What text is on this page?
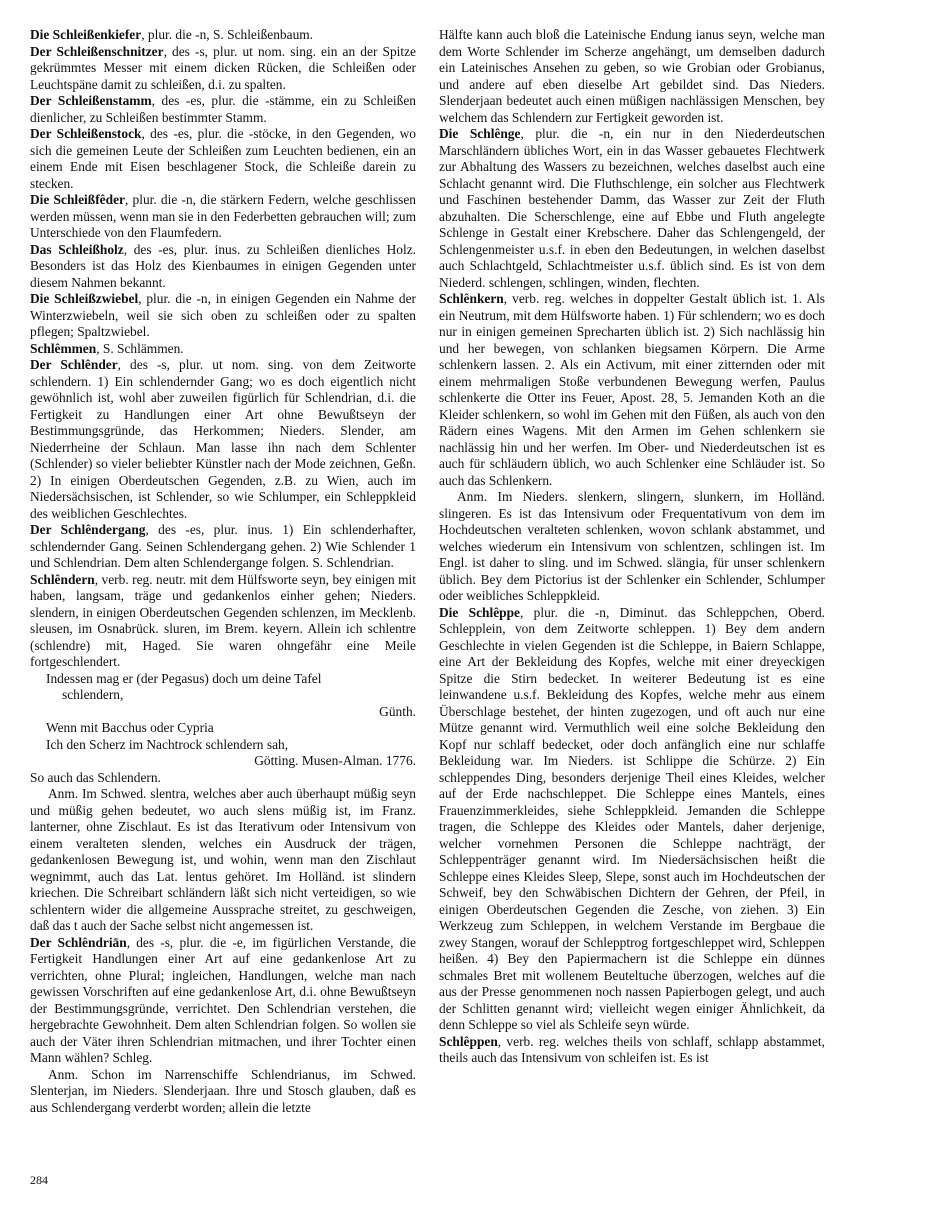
Die Schleißenkiefer, plur. die -n, S. Schleißenbaum.

Der Schleißenschnitzer, des -s, plur. ut nom. sing. ein an der Spitze gekrümmtes Messer mit einem dicken Rücken, die Schleißen oder Leuchtspäne damit zu schleißen, d.i. zu spalten.

Der Schleißenstamm, des -es, plur. die -stämme, ein zu Schleißen dienlicher, zu Schleißen bestimmter Stamm.

Der Schleißenstock, des -es, plur. die -stöcke, in den Gegenden, wo sich die gemeinen Leute der Schleißen zum Leuchten bedienen, ein an einem Ende mit Eisen beschlagener Stock, die Schleiße darein zu stecken.

Die Schleißfêder, plur. die -n, die stärkern Federn, welche geschlissen werden müssen, wenn man sie in den Federbetten gebrauchen will; zum Unterschiede von den Flaumfedern.

Das Schleißholz, des -es, plur. inus. zu Schleißen dienliches Holz. Besonders ist das Holz des Kienbaumes in einigen Gegenden unter diesem Nahmen bekannt.

Die Schleißzwiebel, plur. die -n, in einigen Gegenden ein Nahme der Winterzwiebeln, weil sie sich oben zu schleißen oder zu spalten pflegen; Spaltzwiebel.

Schlêmmen, S. Schlämmen.

Der Schlênder, des -s, plur. ut nom. sing. von dem Zeitworte schlendern. 1) Ein schlendernder Gang; wo es doch eigentlich nicht gewöhnlich ist, wohl aber zuweilen figürlich für Schlendrian, d.i. die Fertigkeit zu Handlungen einer Art ohne Bewußtseyn der Bestimmungsgründe, das Herkommen; Nieders. Slender, am Niederrheine der Schlaun. Man lasse ihn nach dem Schlenter (Schlender) so vieler beliebter Künstler nach der Mode zeichnen, Geßn. 2) In einigen Oberdeutschen Gegenden, z.B. zu Wien, auch im Niedersächsischen, ist Schlender, so wie Schlumper, ein Schleppkleid des weiblichen Geschlechtes.

Der Schlêndergang, des -es, plur. inus. 1) Ein schlenderhafter, schlendernder Gang. Seinen Schlendergang gehen. 2) Wie Schlender 1 und Schlendrian. Dem alten Schlendergange folgen. S. Schlendrian.

Schlêndern, verb. reg. neutr. mit dem Hülfsworte seyn, bey einigen mit haben, langsam, träge und gedankenlos einher gehen; Nieders. slendern, in einigen Oberdeutschen Gegenden schlenzen, im Mecklenb. sleusen, im Osnabrück. sluren, im Brem. keyern. Allein ich schlentre (schlendre) mit, Haged. Sie waren ohngefähr eine Meile fortgeschlendert.

Indessen mag er (der Pegasus) doch um deine Tafel
schlendern,
Günth.
Wenn mit Bacchus oder Cypria
Ich den Scherz im Nachtrock schlendern sah,
Götting. Musen-Alman. 1776.

So auch das Schlendern.

Anm. Im Schwed. slentra, welches aber auch überhaupt müßig seyn und müßig gehen bedeutet, wo auch slens müßig ist, im Franz. lanterner, ohne Zischlaut. Es ist das Iterativum oder Intensivum von einem veralteten slenden, welches ein Ausdruck der trägen, gedankenlosen Bewegung ist, und wohin, wenn man den Zischlaut wegnimmt, auch das Lat. lentus gehöret. Im Holländ. ist slindern kriechen. Die Schreibart schländern läßt sich nicht verteidigen, so wie schlentern wider die allgemeine Aussprache streitet, zu geschweigen, daß das t auch der Sache selbst nicht angemessen ist.

Der Schlêndriān, des -s, plur. die -e, im figürlichen Verstande, die Fertigkeit Handlungen einer Art auf eine gedankenlose Art zu verrichten, ohne Plural; ingleichen, Handlungen, welche man nach gewissen Vorschriften auf eine gedankenlose Art, d.i. ohne Bewußtseyn der Bestimmungsgründe, verrichtet. Den Schlendrian verstehen, die hergebrachte Gewohnheit. Dem alten Schlendrian folgen. So wollen sie auch der Väter ihren Schlendrian mitmachen, und ihrer Tochter einen Mann wählen? Schleg.

Anm. Schon im Narrenschiffe Schlendrianus, im Schwed. Slenterjan, im Nieders. Slenderjaan. Ihre und Stosch glauben, daß es aus Schlendergang verderbt worden; allein die letzte

Hälfte kann auch bloß die Lateinische Endung ianus seyn, welche man dem Worte Schlender im Scherze angehängt, um demselben dadurch ein Lateinisches Ansehen zu geben, so wie Grobian oder Grobianus, und andere auf eben dieselbe Art gebildet sind. Das Nieders. Slenderjaan bedeutet auch einen müßigen nachlässigen Menschen, bey welchem das Schlendern zur Fertigkeit geworden ist.

Die Schlênge, plur. die -n, ein nur in den Niederdeutschen Marschländern übliches Wort, ein in das Wasser gebauetes Flechtwerk zur Abhaltung des Wassers zu bezeichnen, welches daselbst auch eine Schlacht genannt wird. Die Fluthschlenge, ein solcher aus Flechtwerk und Faschinen bestehender Damm, das Wasser zur Zeit der Fluth abzuhalten. Die Scherschlenge, eine auf Ebbe und Fluth angelegte Schlenge in Gestalt einer Krebschere. Daher das Schlengengeld, der Schlengenmeister u.s.f. in eben den Bedeutungen, in welchen daselbst auch Schlachtgeld, Schlachtmeister u.s.f. üblich sind. Es ist von dem Niederd. schlengen, schlingen, winden, flechten.

Schlênkern, verb. reg. welches in doppelter Gestalt üblich ist. 1. Als ein Neutrum, mit dem Hülfsworte haben. 1) Für schlendern; wo es doch nur in einigen gemeinen Sprecharten üblich ist. 2) Sich nachlässig hin und her bewegen, von schlanken biegsamen Körpern. Die Arme schlenkern lassen. 2. Als ein Activum, mit einer zitternden oder mit einem mehrmaligen Stoße verbundenen Bewegung werfen, Paulus schlenkerte die Otter ins Feuer, Apost. 28, 5. Jemanden Koth an die Kleider schlenkern, so wohl im Gehen mit den Füßen, als auch von den Rädern eines Wagens. Mit den Armen im Gehen schlenkern sie nachlässig hin und her werfen. Im Ober- und Niederdeutschen ist es auch für schläudern üblich, wo auch Schlenker eine Schläuder ist. So auch das Schlenkern.

Anm. Im Nieders. slenkern, slingern, slunkern, im Holländ. slingeren. Es ist das Intensivum oder Frequentativum von dem im Hochdeutschen veralteten schlenken, wovon schlank abstammet, und welches wiederum ein Intensivum von schlentzen, schlingen ist. Im Engl. ist daher to sling. und im Schwed. slängia, für unser schlenkern üblich. Bey dem Pictorius ist der Schlenker ein Schlender, Schlumper oder weibliches Schleppkleid.

Die Schlêppe, plur. die -n, Diminut. das Schleppchen, Oberd. Schlepplein, von dem Zeitworte schleppen. 1) Bey dem andern Geschlechte in vielen Gegenden ist die Schleppe, in Baiern Schlappe, eine Art der Bekleidung des Kopfes, welche mit einer dreyeckigen Spitze die Stirn bedecket. In weiterer Bedeutung ist es eine leinwandene u.s.f. Bekleidung des Kopfes, welche mehr aus einem Überschlage bestehet, der hinten zugezogen, und oft auch nur eine Mütze genannt wird. Vermuthlich weil eine solche Bekleidung den Kopf nur schlaff bedecket, oder doch anfänglich eine nur schlaffe Bekleidung war. Im Nieders. ist Schlippe die Schürze. 2) Ein schleppendes Ding, besonders derjenige Theil eines Kleides, welcher auf der Erde nachschleppet. Die Schleppe eines Mantels, eines Frauenzimmerkleides, siehe Schleppkleid. Jemanden die Schleppe tragen, die Schleppe des Kleides oder Mantels, daher derjenige, welcher vornehmen Personen die Schleppe nachträgt, der Schleppenträger genannt wird. Im Niedersächsischen heißt die Schleppe eines Kleides Sleep, Slepe, sonst auch im Hochdeutschen der Schweif, bey den Schwäbischen Dichtern der Gehren, der Pfeil, in einigen Oberdeutschen Gegenden die Zesche, von ziehen. 3) Ein Werkzeug zum Schleppen, in welchem Verstande im Bergbaue die zwey Stangen, worauf der Schlepptrog fortgeschleppet wird, Schleppen heißen. 4) Bey den Papiermachern ist die Schleppe ein dünnes schmales Bret mit wollenem Beuteltuche überzogen, welches auf die aus der Presse genommenen noch nassen Papierbogen gelegt, und auch der Schlitten genannt wird; vielleicht wegen einiger Ähnlichkeit, da denn Schleppe so viel als Schleife seyn würde.

Schlêppen, verb. reg. welches theils von schlaff, schlapp abstammet, theils auch das Intensivum von schleifen ist. Es ist

284
